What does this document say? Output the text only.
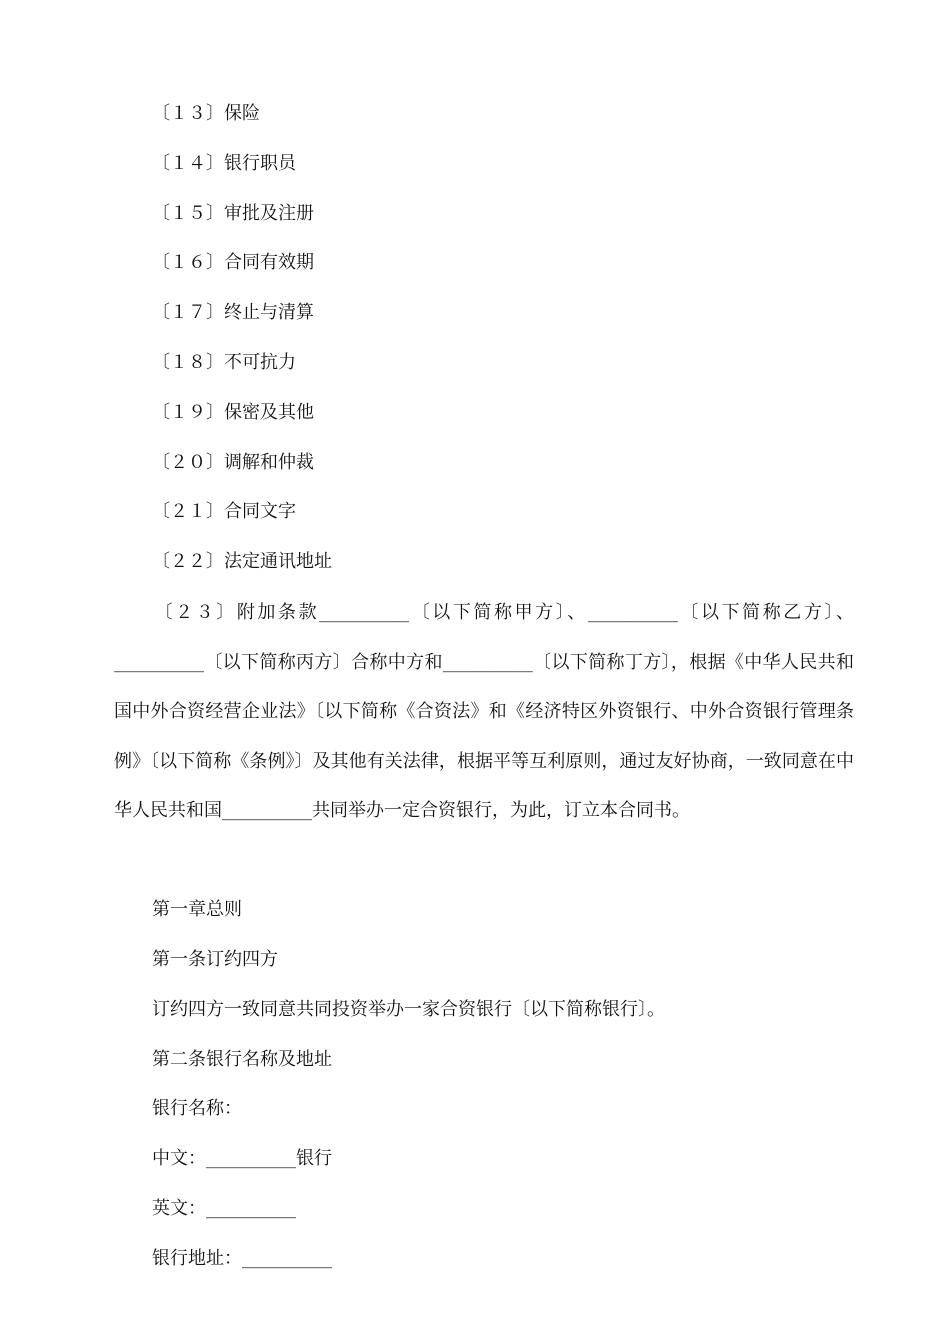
〔１３〕保险
〔１４〕银行职员
〔１５〕审批及注册
〔１６〕合同有效期
〔１７〕终止与清算
〔１８〕不可抗力
〔１９〕保密及其他
〔２０〕调解和仲裁
〔２１〕合同文字
〔２２〕法定通讯地址
〔２３〕附加条款__________〔以下简称甲方〕、__________〔以下简称乙方〕、__________〔以下简称丙方〕合称中方和__________〔以下简称丁方〕，根据《中华人民共和国中外合资经营企业法》〔以下简称《合资法》和《经济特区外资银行、中外合资银行管理条例》〔以下简称《条例》〕及其他有关法律，根据平等互利原则，通过友好协商，一致同意在中华人民共和国__________共同举办一定合资银行，为此，订立本合同书。
第一章总则
第一条订约四方
订约四方一致同意共同投资举办一家合资银行〔以下简称银行〕。
第二条银行名称及地址
银行名称：
中文：__________银行
英文：__________
银行地址：__________
